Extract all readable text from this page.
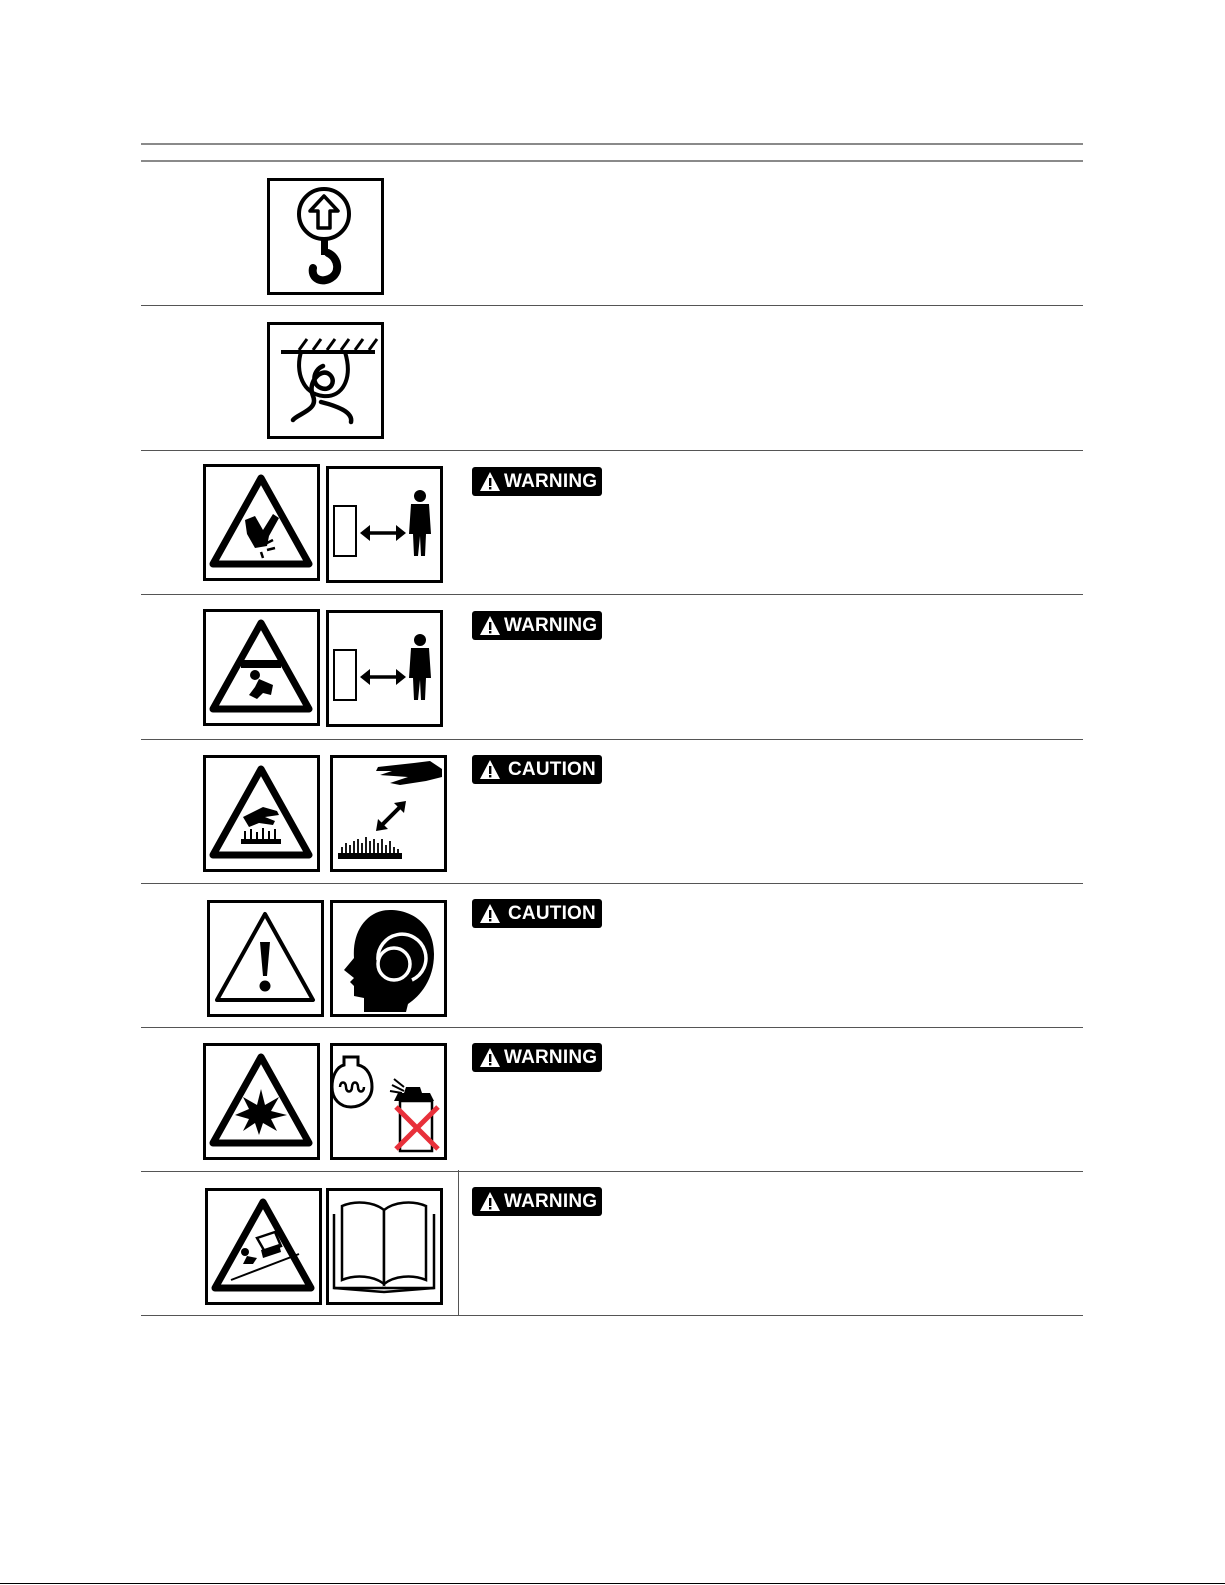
WARNING
WARNING
CAUTION
CAUTION
WARNING
WARNING
